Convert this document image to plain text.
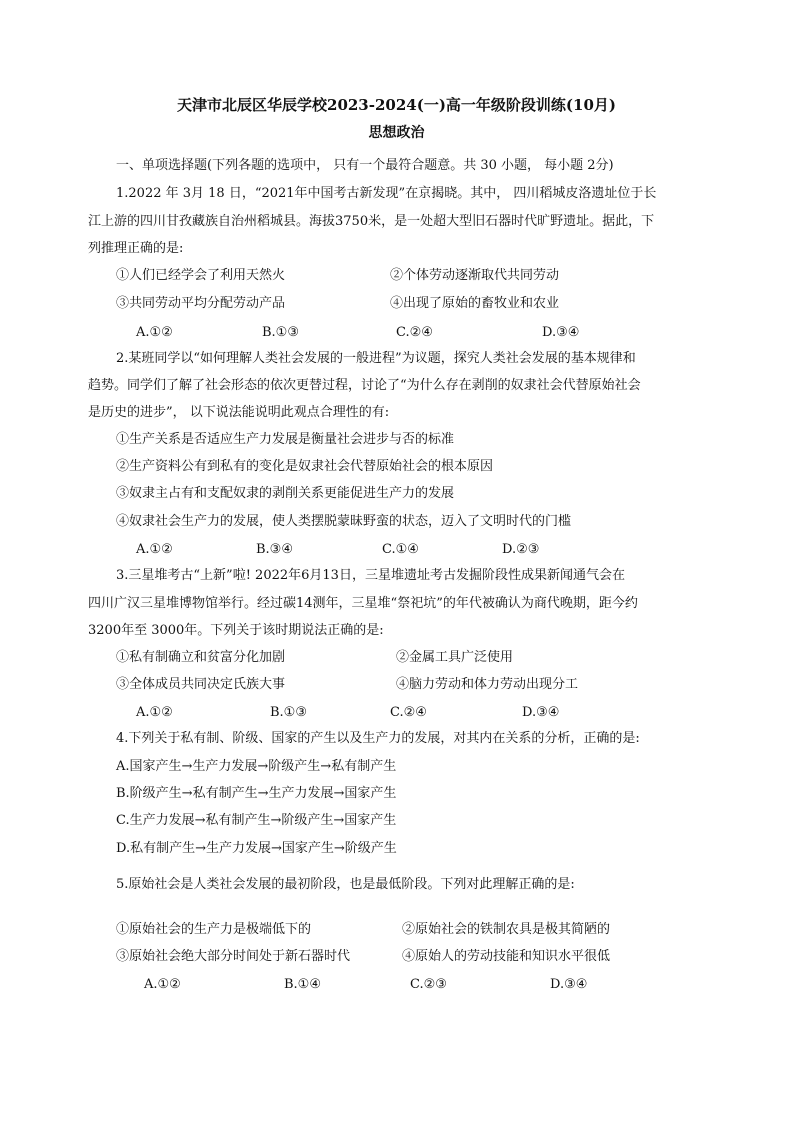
天津市北辰区华辰学校2023-2024(一)高一年级阶段训练(10月)
思想政治
一、单项选择题(下列各题的选项中， 只有一个最符合题意。共 30 小题， 每小题 2分)
1.2022 年 3月 18 日，“2021年中国考古新发现”在京揭晓。其中， 四川稻城皮洛遗址位于长
江上游的四川甘孜藏族自治州稻城县。海拔3750米，是一处超大型旧石器时代旷野遗址。据此，下
列推理正确的是:
①人们已经学会了利用天然火	②个体劳动逐渐取代共同劳动
③共同劳动平均分配劳动产品	④出现了原始的畜牧业和农业
A.①②	B.①③	C.②④	D.③④
2.某班同学以“如何理解人类社会发展的一般进程”为议题，探究人类社会发展的基本规律和
趋势。同学们了解了社会形态的依次更替过程，讨论了“为什么存在剥削的奴隶社会代替原始社会
是历史的进步”， 以下说法能说明此观点合理性的有:
①生产关系是否适应生产力发展是衡量社会进步与否的标准
②生产资料公有到私有的变化是奴隶社会代替原始社会的根本原因
③奴隶主占有和支配奴隶的剥削关系更能促进生产力的发展
④奴隶社会生产力的发展，使人类摆脱蒙昧野蛮的状态，迈入了文明时代的门槛
A.①②	B.③④	C.①④	D.②③
3.三星堆考古“上新”啦! 2022年6月13日，三星堆遗址考古发掘阶段性成果新闻通气会在
四川广汉三星堆博物馆举行。经过碳14测年，三星堆“祭祀坑”的年代被确认为商代晚期，距今约
3200年至 3000年。下列关于该时期说法正确的是:
①私有制确立和贫富分化加剧	②金属工具广泛使用
③全体成员共同决定氏族大事	④脑力劳动和体力劳动出现分工
A.①②	B.①③	C.②④	D.③④
4.下列关于私有制、阶级、国家的产生以及生产力的发展，对其内在关系的分析，正确的是:
A.国家产生→生产力发展→阶级产生→私有制产生
B.阶级产生→私有制产生→生产力发展→国家产生
C.生产力发展→私有制产生→阶级产生→国家产生
D.私有制产生→生产力发展→国家产生→阶级产生
5.原始社会是人类社会发展的最初阶段，也是最低阶段。下列对此理解正确的是:
①原始社会的生产力是极端低下的	②原始社会的铁制农具是极其简陋的
③原始社会绝大部分时间处于新石器时代	④原始人的劳动技能和知识水平很低
A.①②	B.①④	C.②③	D.③④
